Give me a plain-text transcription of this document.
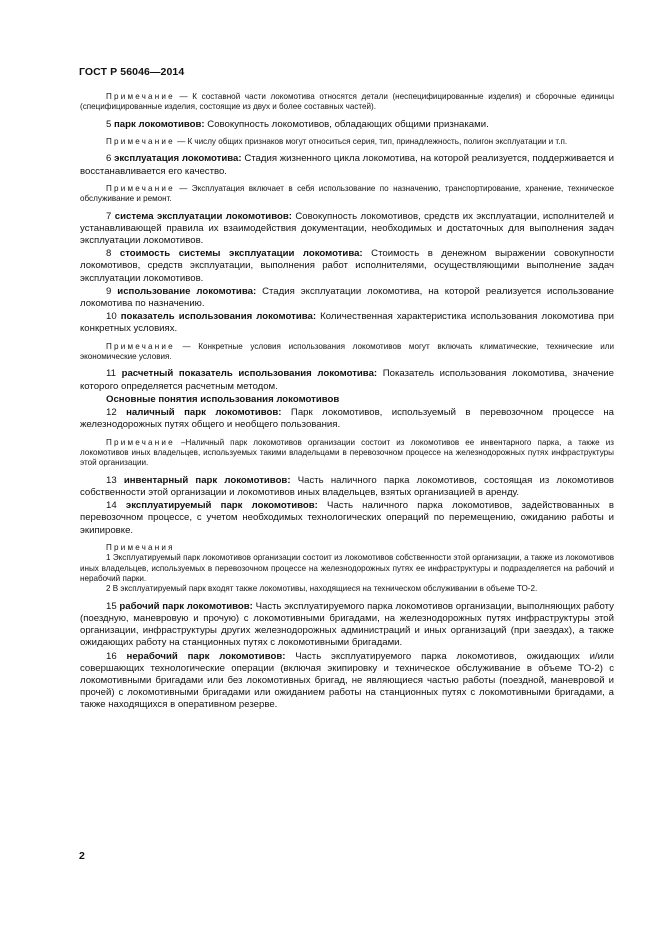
ГОСТ Р 56046—2014

Примечание — К составной части локомотива относятся детали (неспецифицированные изделия) и сборочные единицы (специфицированные изделия, состоящие из двух и более составных частей).

5 парк локомотивов: Совокупность локомотивов, обладающих общими признаками.

Примечание — К числу общих признаков могут относиться серия, тип, принадлежность, полигон эксплуатации и т.п.

6 эксплуатация локомотива: Стадия жизненного цикла локомотива, на которой реализуется, поддерживается и восстанавливается его качество.

Примечание — Эксплуатация включает в себя использование по назначению, транспортирование, хранение, техническое обслуживание и ремонт.

7 система эксплуатации локомотивов: Совокупность локомотивов, средств их эксплуатации, исполнителей и устанавливающей правила их взаимодействия документации, необходимых и достаточных для выполнения задач эксплуатации локомотивов.

8 стоимость системы эксплуатации локомотива: Стоимость в денежном выражении совокупности локомотивов, средств эксплуатации, выполнения работ исполнителями, осуществляющими выполнение задач эксплуатации локомотивов.

9 использование локомотива: Стадия эксплуатации локомотива, на которой реализуется использование локомотива по назначению.

10 показатель использования локомотива: Количественная характеристика использования локомотива при конкретных условиях.

Примечание — Конкретные условия использования локомотивов могут включать климатические, технические или экономические условия.

11 расчетный показатель использования локомотива: Показатель использования локомотива, значение которого определяется расчетным методом.

Основные понятия использования локомотивов

12 наличный парк локомотивов: Парк локомотивов, используемый в перевозочном процессе на железнодорожных путях общего и необщего пользования.

Примечание –Наличный парк локомотивов организации состоит из локомотивов ее инвентарного парка, а также из локомотивов иных владельцев, используемых такими владельцами в перевозочном процессе на железнодорожных путях инфраструктуры этой организации.

13 инвентарный парк локомотивов: Часть наличного парка локомотивов, состоящая из локомотивов собственности этой организации и локомотивов иных владельцев, взятых организацией в аренду.

14 эксплуатируемый парк локомотивов: Часть наличного парка локомотивов, задействованных в перевозочном процессе, с учетом необходимых технологических операций по перемещению, ожиданию работы и экипировке.

Примечания

1 Эксплуатируемый парк локомотивов организации состоит из локомотивов собственности этой организации, а также из локомотивов иных владельцев, используемых в перевозочном процессе на железнодорожных путях ее инфраструктуры и подразделяется на рабочий и нерабочий парки.

2 В эксплуатируемый парк входят также локомотивы, находящиеся на техническом обслуживании в объеме ТО-2.

15 рабочий парк локомотивов: Часть эксплуатируемого парка локомотивов организации, выполняющих работу (поездную, маневровую и прочую) с локомотивными бригадами, на железнодорожных путях инфраструктуры этой организации, инфраструктуры других железнодорожных администраций и иных организаций (при заездах), а также ожидающих работу на станционных путях с локомотивными бригадами.

16 нерабочий парк локомотивов: Часть эксплуатируемого парка локомотивов, ожидающих и/или совершающих технологические операции (включая экипировку и техническое обслуживание в объеме ТО-2) с локомотивными бригадами или без локомотивных бригад, не являющиеся частью работы (поездной, маневровой и прочей) с локомотивными бригадами или ожиданием работы на станционных путях с локомотивными бригадами, а также находящихся в оперативном резерве.

2
